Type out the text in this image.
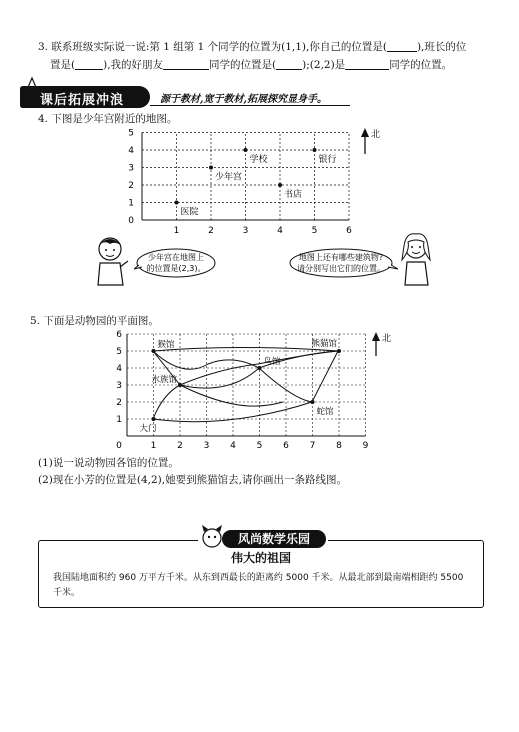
3. 联系班级实际说一说:第 1 组第 1 个同学的位置为(1,1),你自己的位置是(	),班长的位
置是(	),我的好朋友	同学的位置是( );(2,2)是	同学的位置。
课后拓展冲浪	源于教材,宽于教材,拓展探究显身手。
4. 下图是少年宫附近的地图。
1	2	3	4	5	6
0
1
2
3
4
5
医院
少年宫
学校
书店
银行
北
少年宫在地图上
的位置是(2,3)。
地图上还有哪些建筑物?
请分别写出它们的位置。
5. 下面是动物园的平面图。
0	1 2 3 4 5 6 7 8 9
1
2
3
4
5
6
猴馆	熊猫馆
水族馆
鸟馆
蛇馆
大门
北
(1)说一说动物园各馆的位置。
(2)现在小芳的位置是(4,2),她要到熊猫馆去,请你画出一条路线图。
伟大的祖国
我国陆地面积约 960 万平方千米。从东到西最长的距离约 5000 千米。从最北部到最南端相距约 5500 千米。
风尚数学乐园
